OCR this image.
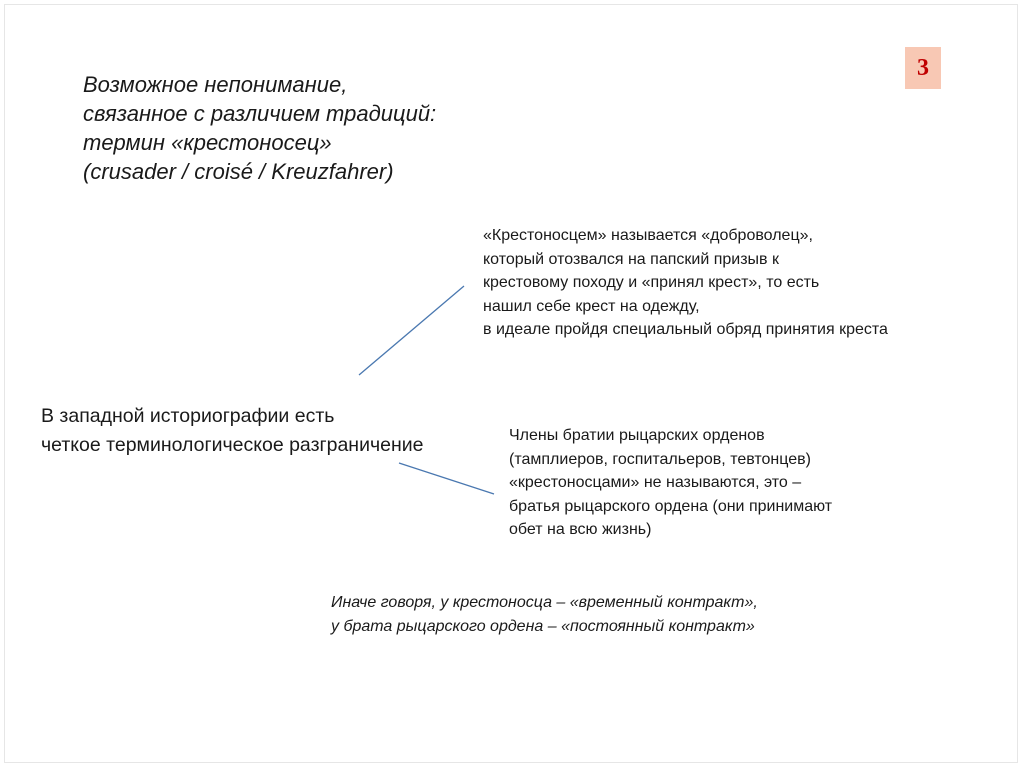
3
Возможное непонимание,
связанное с различием традиций:
термин «крестоносец»
(crusader / croisé / Kreuzfahrer)
«Крестоносцем» называется «доброволец»,
который отозвался на папский призыв к
крестовому походу и «принял крест», то есть
нашил себе крест на одежду,
в идеале пройдя специальный обряд принятия креста
В западной историографии есть
четкое терминологическое разграничение	Члены братии рыцарских орденов
(тамплиеров, госпитальеров, тевтонцев)
«крестоносцами» не называются, это –
братья рыцарского ордена (они принимают
обет на всю жизнь)
Иначе говоря, у крестоносца – «временный контракт»,
у брата рыцарского ордена – «постоянный контракт»
